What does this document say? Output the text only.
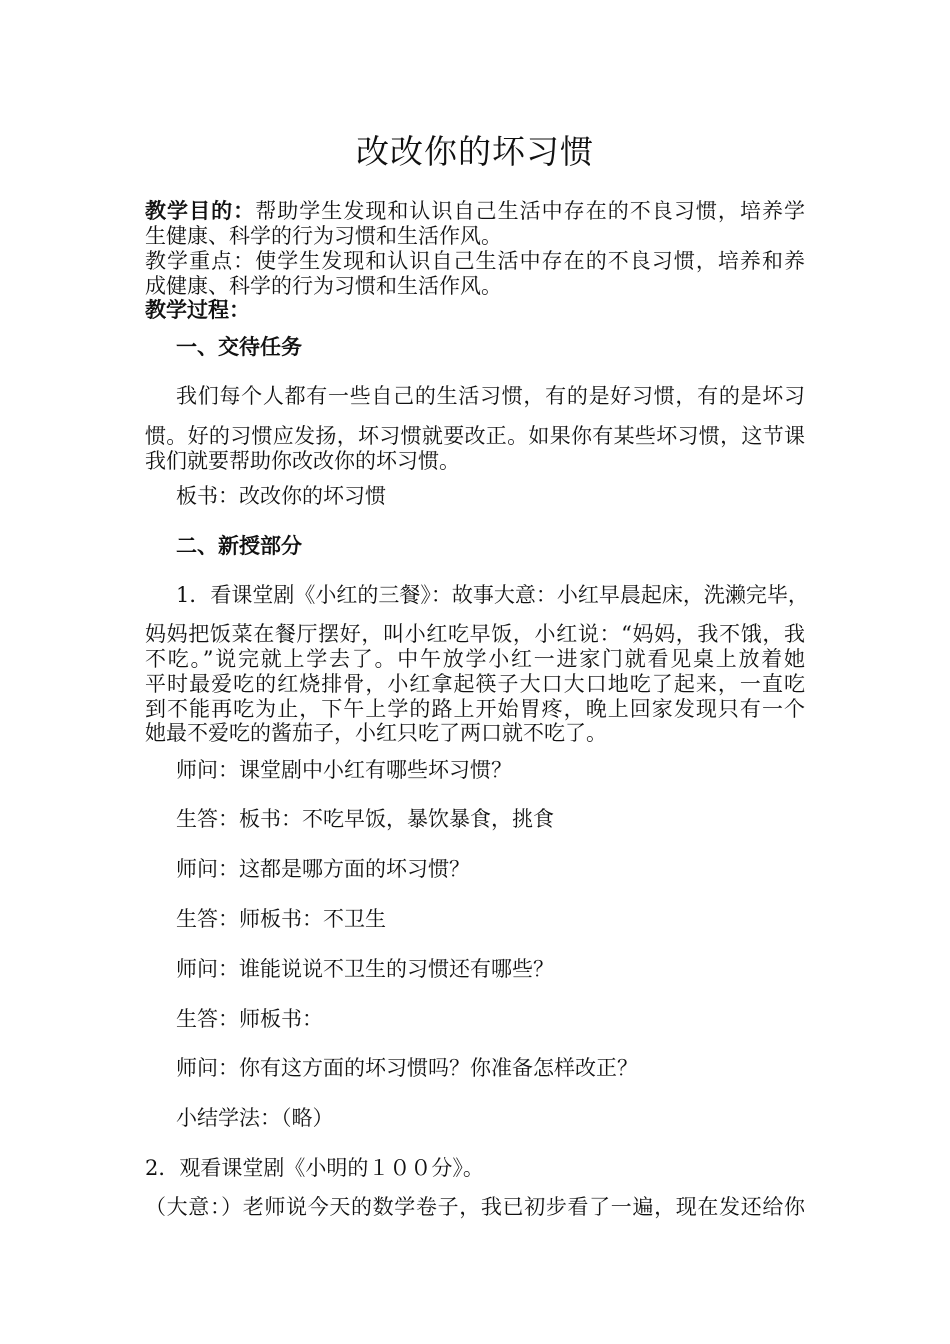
改改你的坏习惯
教学目的：帮助学生发现和认识自己生活中存在的不良习惯，培养学
生健康、科学的行为习惯和生活作风。
教学重点：使学生发现和认识自己生活中存在的不良习惯，培养和养
成健康、科学的行为习惯和生活作风。
教学过程：
一、交待任务
我们每个人都有一些自己的生活习惯，有的是好习惯，有的是坏习
惯。好的习惯应发扬，坏习惯就要改正。如果你有某些坏习惯，这节课
我们就要帮助你改改你的坏习惯。
板书：改改你的坏习惯
二、新授部分
1．看课堂剧《小红的三餐》：故事大意：小红早晨起床，洗濑完毕，
妈妈把饭菜在餐厅摆好，叫小红吃早饭，小红说：“妈妈，我不饿，我
不吃。”说完就上学去了。中午放学小红一进家门就看见桌上放着她
平时最爱吃的红烧排骨，小红拿起筷子大口大口地吃了起来，一直吃
到不能再吃为止，下午上学的路上开始胃疼，晚上回家发现只有一个
她最不爱吃的酱茄子，小红只吃了两口就不吃了。
师问：课堂剧中小红有哪些坏习惯？
生答：板书：不吃早饭，暴饮暴食，挑食
师问：这都是哪方面的坏习惯？
生答：师板书：不卫生
师问：谁能说说不卫生的习惯还有哪些？
生答：师板书：
师问：你有这方面的坏习惯吗？你准备怎样改正？
小结学法：（略）
2．观看课堂剧《小明的１００分》。
（大意：）老师说今天的数学卷子，我已初步看了一遍，现在发还给你
